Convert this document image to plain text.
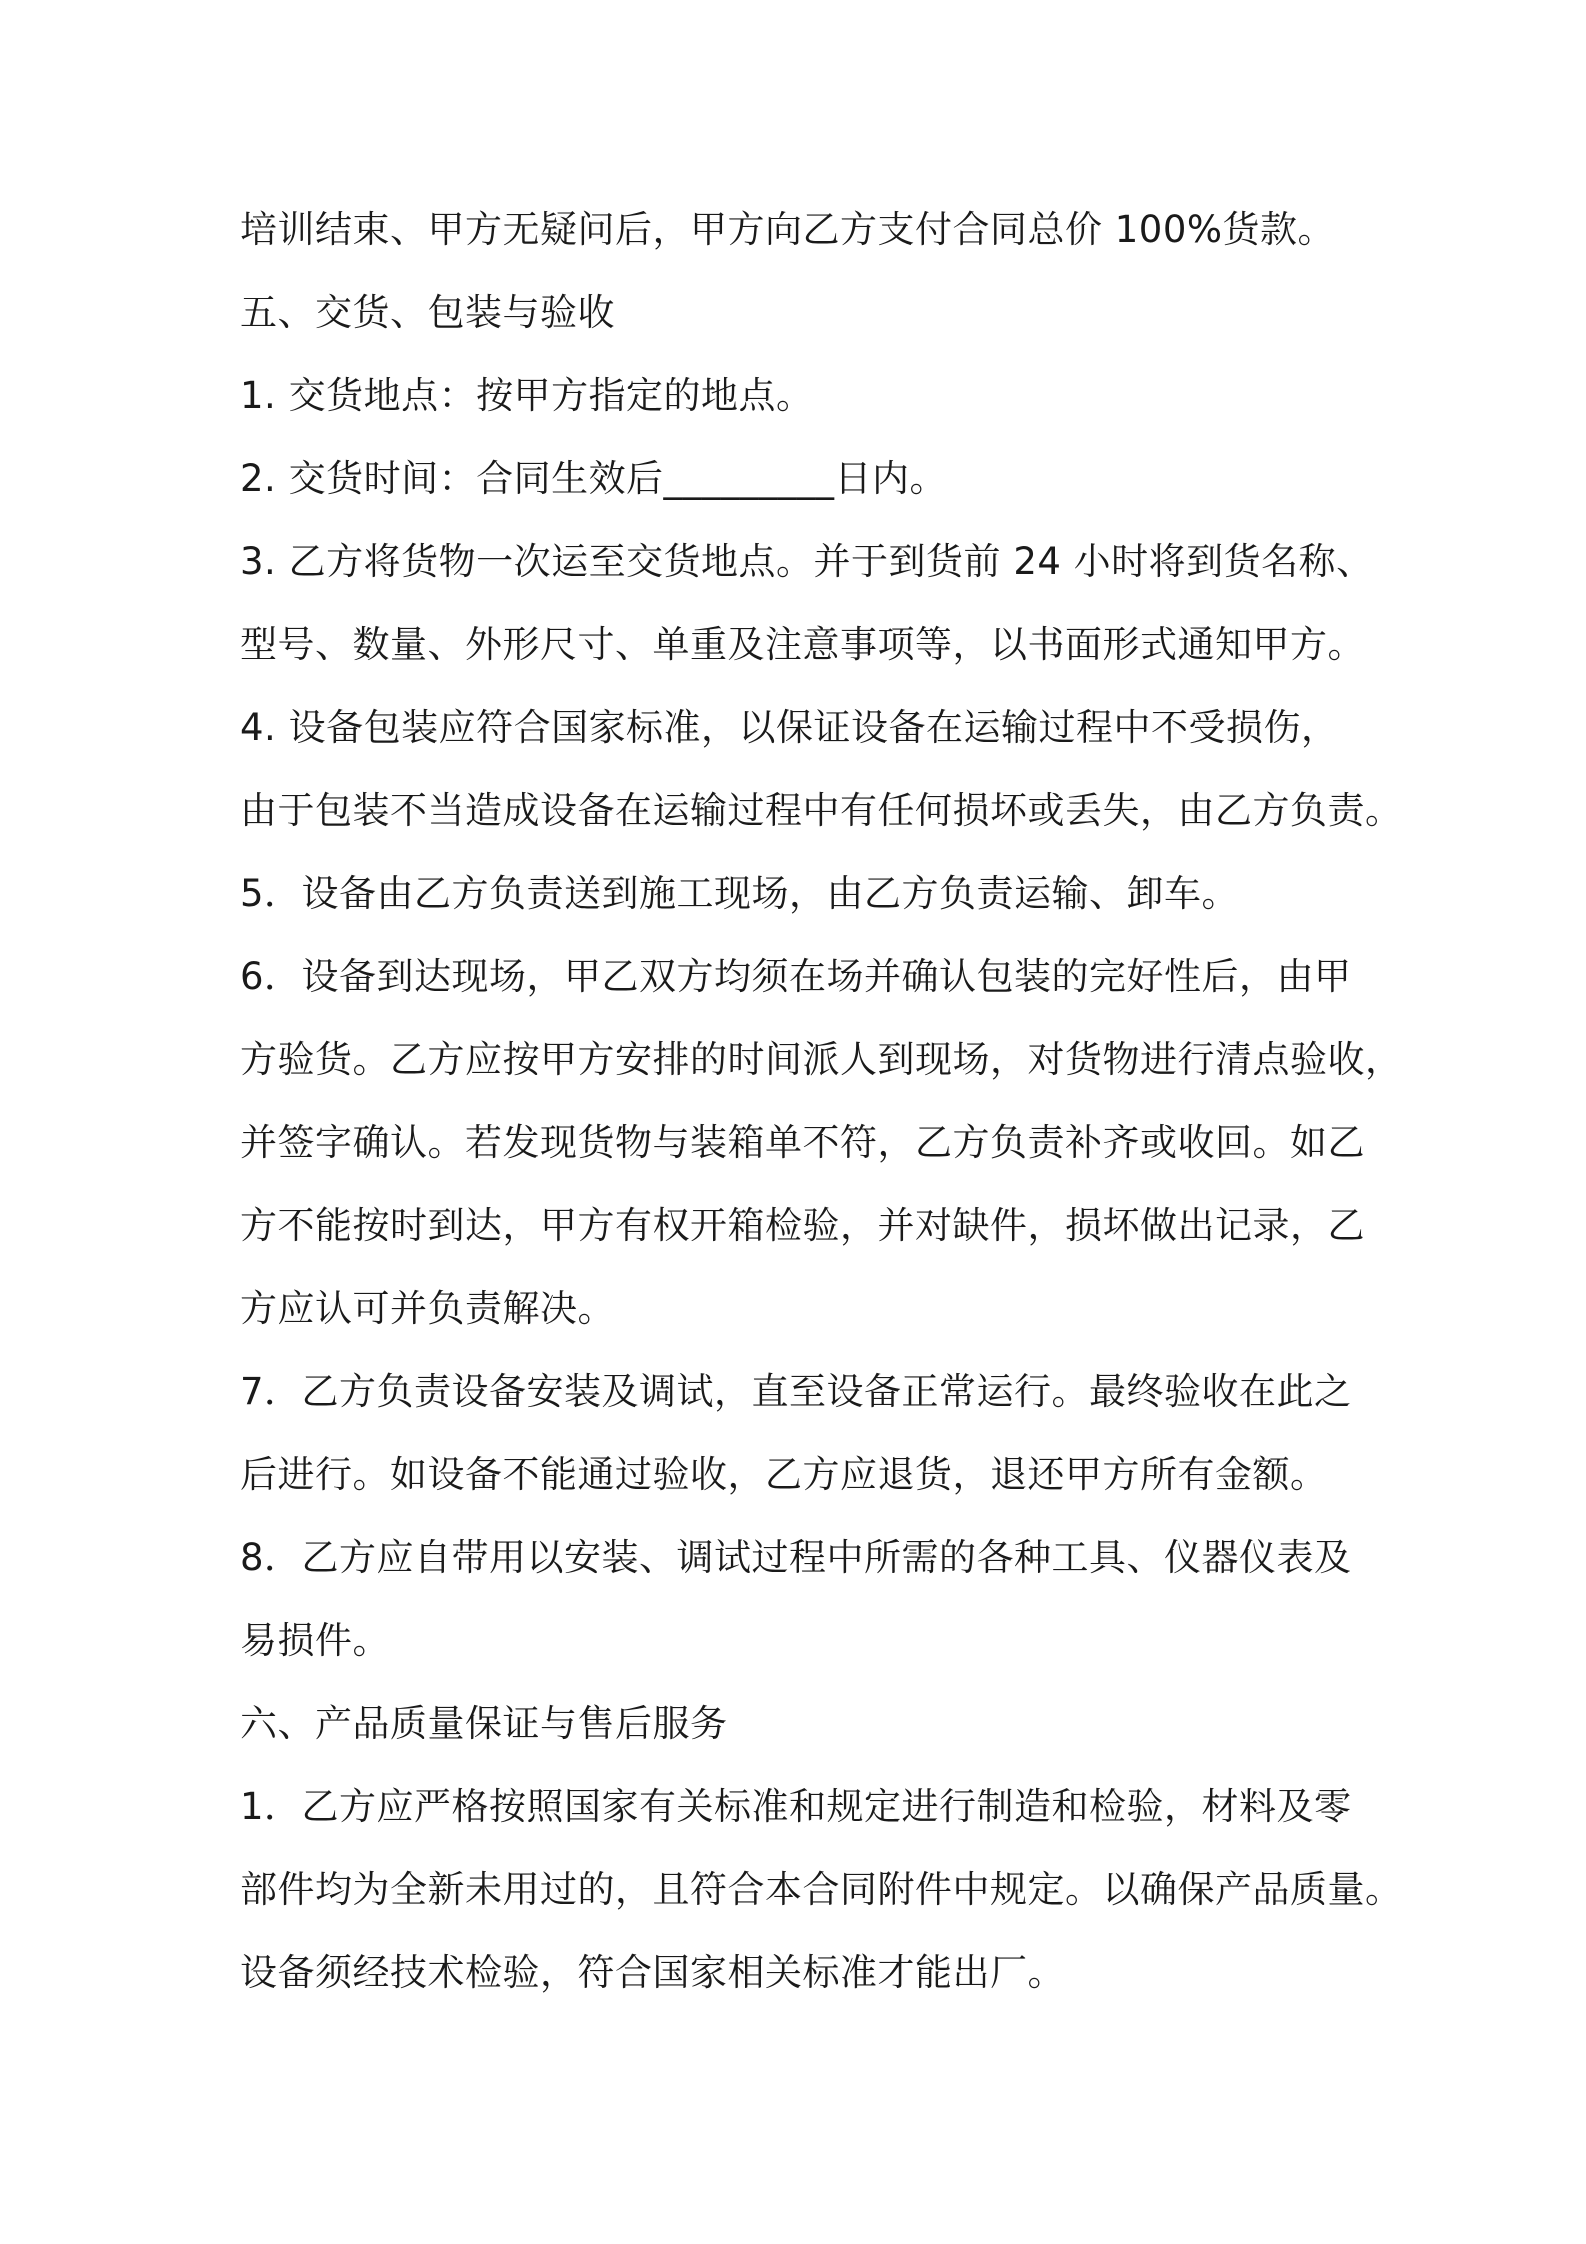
培训结束、甲方无疑问后，甲方向乙方支付合同总价 100%货款。
五、交货、包装与验收
1. 交货地点：按甲方指定的地点。
2. 交货时间：合同生效后_________日内。
3. 乙方将货物一次运至交货地点。并于到货前 24 小时将到货名称、
型号、数量、外形尺寸、单重及注意事项等，以书面形式通知甲方。
4. 设备包装应符合国家标准，以保证设备在运输过程中不受损伤，
由于包装不当造成设备在运输过程中有任何损坏或丢失，由乙方负责。
5．设备由乙方负责送到施工现场，由乙方负责运输、卸车。
6．设备到达现场，甲乙双方均须在场并确认包装的完好性后，由甲
方验货。乙方应按甲方安排的时间派人到现场，对货物进行清点验收，
并签字确认。若发现货物与装箱单不符，乙方负责补齐或收回。如乙
方不能按时到达，甲方有权开箱检验，并对缺件，损坏做出记录，乙
方应认可并负责解决。
7．乙方负责设备安装及调试，直至设备正常运行。最终验收在此之
后进行。如设备不能通过验收，乙方应退货，退还甲方所有金额。
8．乙方应自带用以安装、调试过程中所需的各种工具、仪器仪表及
易损件。
六、产品质量保证与售后服务
1．乙方应严格按照国家有关标准和规定进行制造和检验，材料及零
部件均为全新未用过的，且符合本合同附件中规定。以确保产品质量。
设备须经技术检验，符合国家相关标准才能出厂。
